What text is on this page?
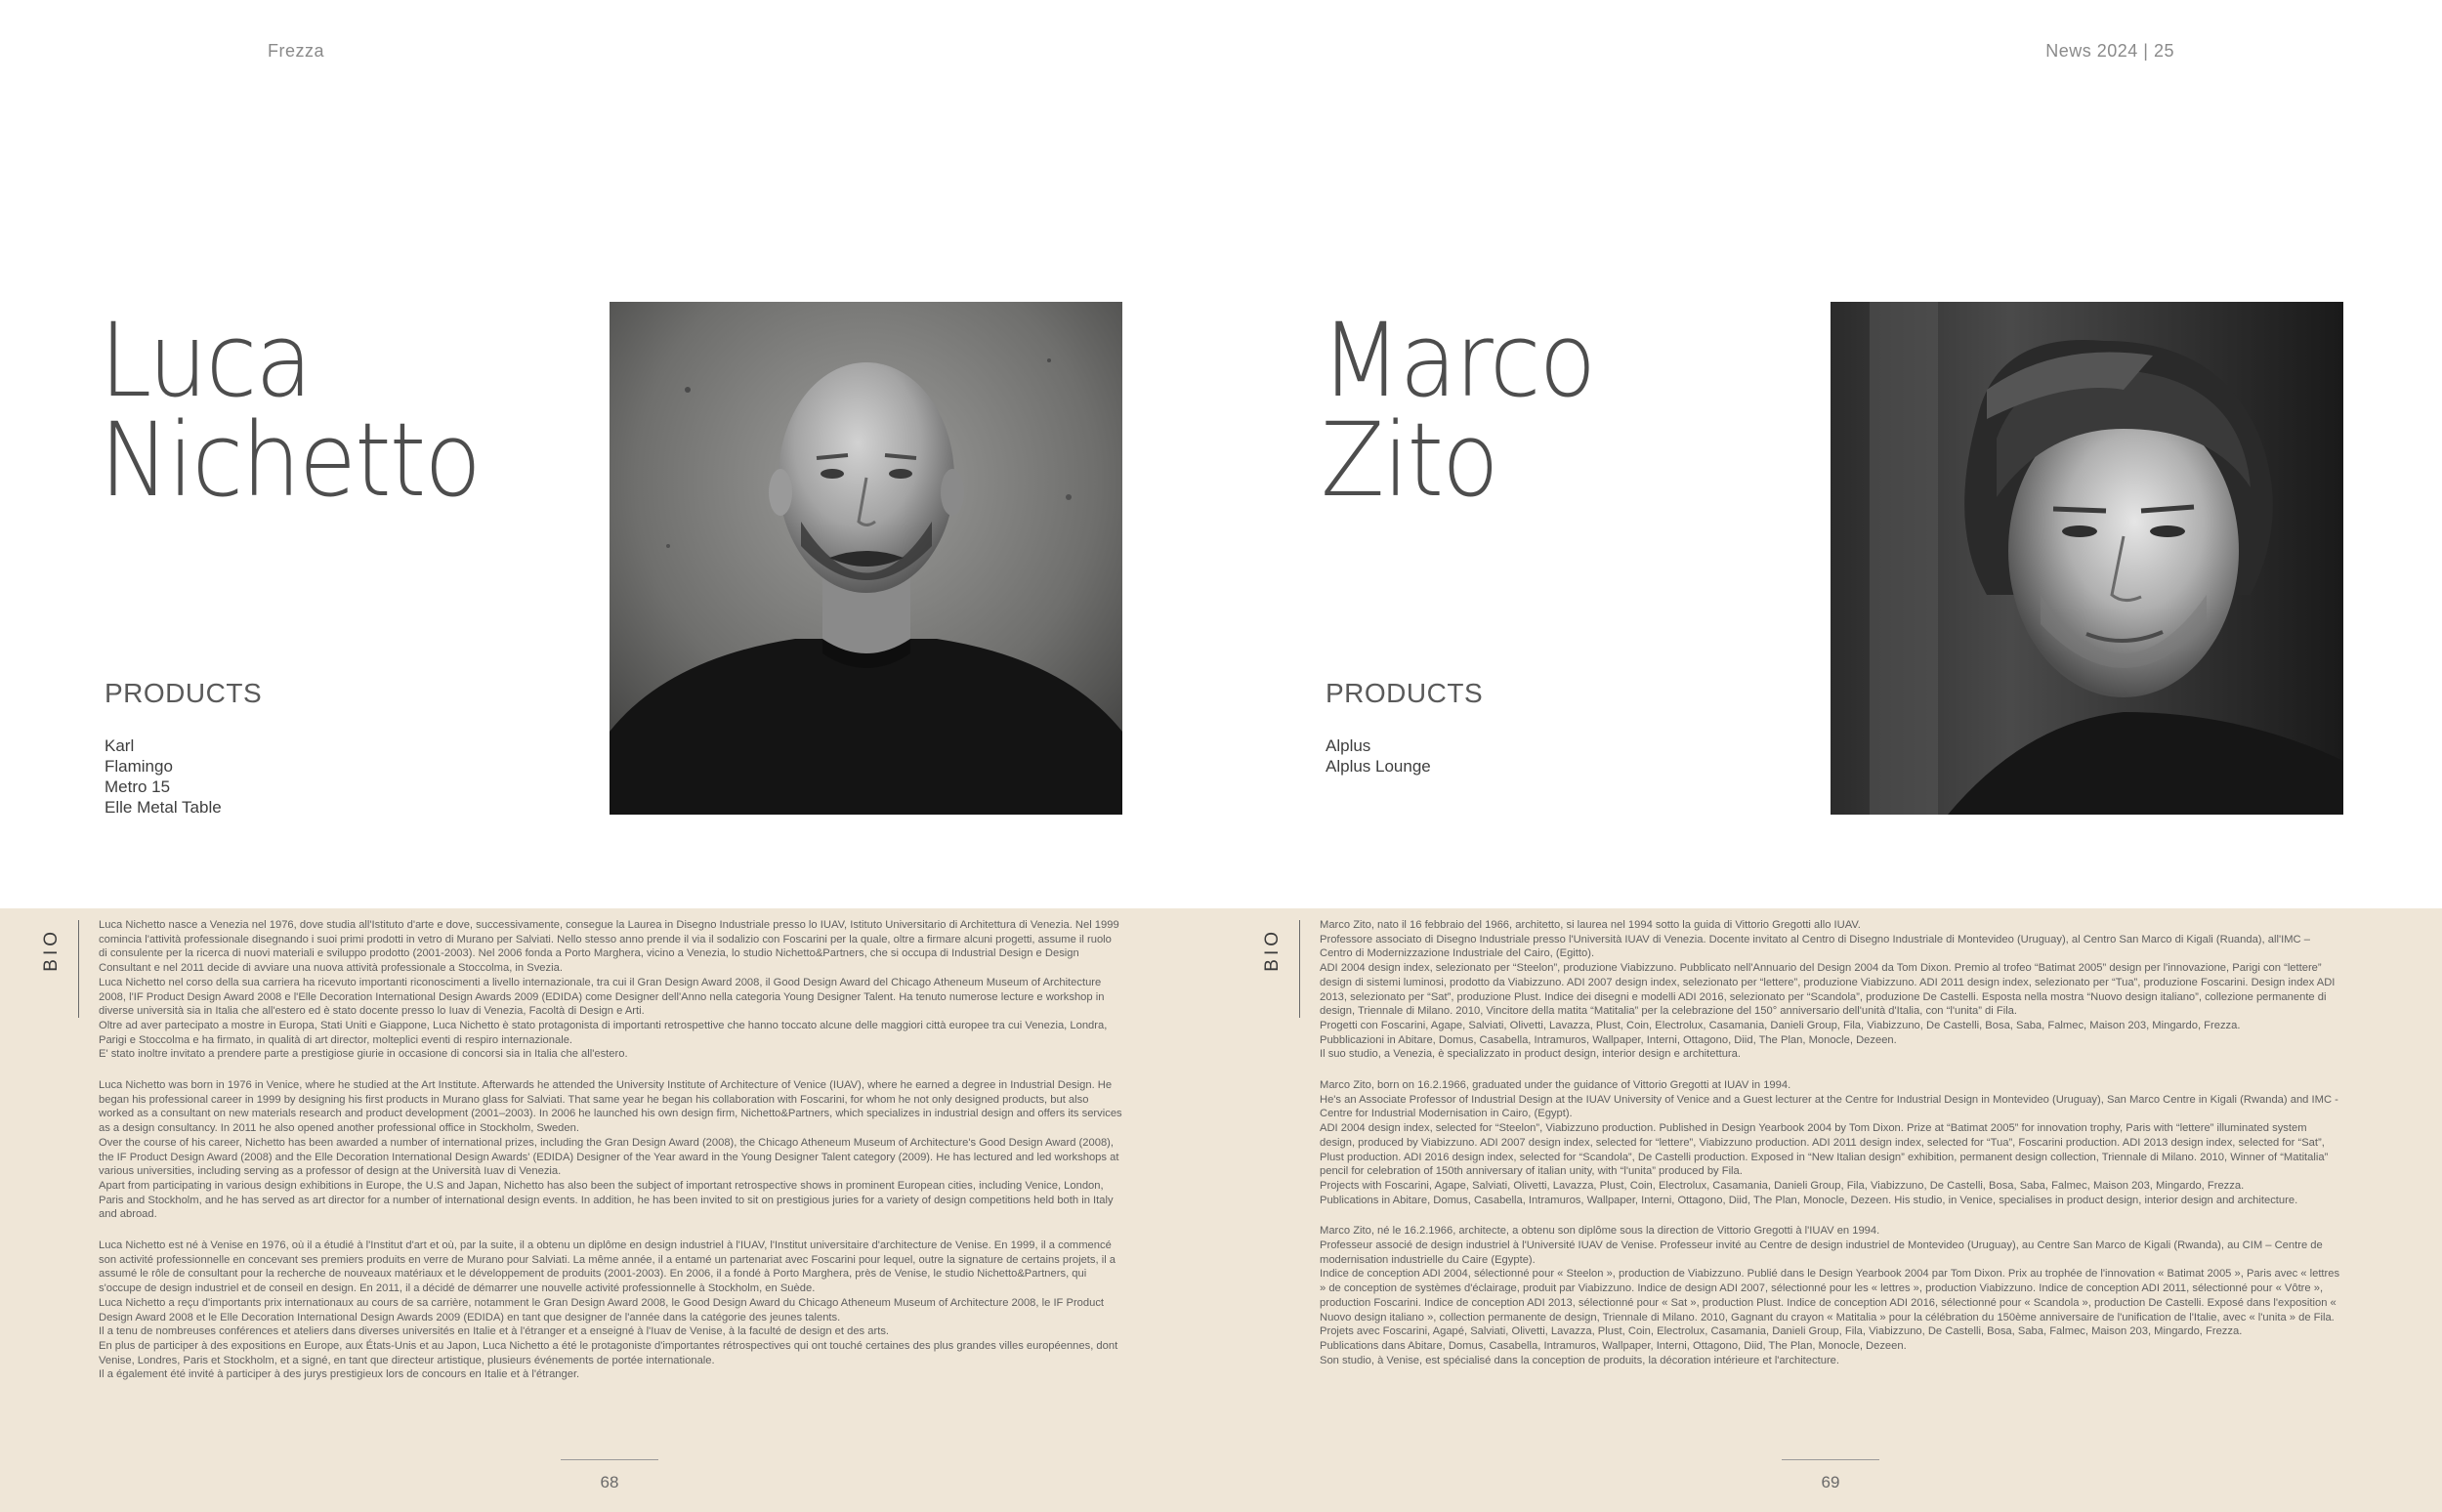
Frezza	News 2024 | 25
Luca
Nichetto
PRODUCTS
Karl
Flamingo
Metro 15
Elle Metal Table
Marco
Zito
PRODUCTS
Alplus
Alplus Lounge
BIO

Luca Nichetto nasce a Venezia nel 1976, dove studia all'Istituto d'arte e dove, successivamente, consegue la Laurea in Disegno Industriale presso lo IUAV, Istituto Universitario di Architettura di Venezia. Nel 1999 comincia l'attività professionale disegnando i suoi primi prodotti in vetro di Murano per Salviati. Nello stesso anno prende il via il sodalizio con Foscarini per la quale, oltre a firmare alcuni progetti, assume il ruolo di consulente per la ricerca di nuovi materiali e sviluppo prodotto (2001-2003). Nel 2006 fonda a Porto Marghera, vicino a Venezia, lo studio Nichetto&Partners, che si occupa di Industrial Design e Design Consultant e nel 2011 decide di avviare una nuova attività professionale a Stoccolma, in Svezia.
Luca Nichetto nel corso della sua carriera ha ricevuto importanti riconoscimenti a livello internazionale, tra cui il Gran Design Award 2008, il Good Design Award del Chicago Atheneum Museum of Architecture 2008, l'IF Product Design Award 2008 e l'Elle Decoration International Design Awards 2009 (EDIDA) come Designer dell'Anno nella categoria Young Designer Talent. Ha tenuto numerose lecture e workshop in diverse università sia in Italia che all'estero ed è stato docente presso lo Iuav di Venezia, Facoltà di Design e Arti.
Oltre ad aver partecipato a mostre in Europa, Stati Uniti e Giappone, Luca Nichetto è stato protagonista di importanti retrospettive che hanno toccato alcune delle maggiori città europee tra cui Venezia, Londra, Parigi e Stoccolma e ha firmato, in qualità di art director, molteplici eventi di respiro internazionale.
E' stato inoltre invitato a prendere parte a prestigiose giurie in occasione di concorsi sia in Italia che all'estero.

Luca Nichetto was born in 1976 in Venice, where he studied at the Art Institute. Afterwards he attended the University Institute of Architecture of Venice (IUAV), where he earned a degree in Industrial Design. He began his professional career in 1999 by designing his first products in Murano glass for Salviati. That same year he began his collaboration with Foscarini, for whom he not only designed products, but also worked as a consultant on new materials research and product development (2001–2003). In 2006 he launched his own design firm, Nichetto&Partners, which specializes in industrial design and offers its services as a design consultancy. In 2011 he also opened another professional office in Stockholm, Sweden.
Over the course of his career, Nichetto has been awarded a number of international prizes, including the Gran Design Award (2008), the Chicago Atheneum Museum of Architecture's Good Design Award (2008), the IF Product Design Award (2008) and the Elle Decoration International Design Awards' (EDIDA) Designer of the Year award in the Young Designer Talent category (2009). He has lectured and led workshops at various universities, including serving as a professor of design at the Università Iuav di Venezia.
Apart from participating in various design exhibitions in Europe, the U.S and Japan, Nichetto has also been the subject of important retrospective shows in prominent European cities, including Venice, London, Paris and Stockholm, and he has served as art director for a number of international design events. In addition, he has been invited to sit on prestigious juries for a variety of design competitions held both in Italy and abroad.

Luca Nichetto est né à Venise en 1976, où il a étudié à l'Institut d'art et où, par la suite, il a obtenu un diplôme en design industriel à l'IUAV, l'Institut universitaire d'architecture de Venise. En 1999, il a commencé son activité professionnelle en concevant ses premiers produits en verre de Murano pour Salviati. La même année, il a entamé un partenariat avec Foscarini pour lequel, outre la signature de certains projets, il a assumé le rôle de consultant pour la recherche de nouveaux matériaux et le développement de produits (2001-2003). En 2006, il a fondé à Porto Marghera, près de Venise, le studio Nichetto&Partners, qui s'occupe de design industriel et de conseil en design. En 2011, il a décidé de démarrer une nouvelle activité professionnelle à Stockholm, en Suède.
Luca Nichetto a reçu d'importants prix internationaux au cours de sa carrière, notamment le Gran Design Award 2008, le Good Design Award du Chicago Atheneum Museum of Architecture 2008, le IF Product Design Award 2008 et le Elle Decoration International Design Awards 2009 (EDIDA) en tant que designer de l'année dans la catégorie des jeunes talents.
Il a tenu de nombreuses conférences et ateliers dans diverses universités en Italie et à l'étranger et a enseigné à l'Iuav de Venise, à la faculté de design et des arts.
En plus de participer à des expositions en Europe, aux États-Unis et au Japon, Luca Nichetto a été le protagoniste d'importantes rétrospectives qui ont touché certaines des plus grandes villes européennes, dont Venise, Londres, Paris et Stockholm, et a signé, en tant que directeur artistique, plusieurs événements de portée internationale.
Il a également été invité à participer à des jurys prestigieux lors de concours en Italie et à l'étranger.

BIO

Marco Zito, nato il 16 febbraio del 1966, architetto, si laurea nel 1994 sotto la guida di Vittorio Gregotti allo IUAV.
Professore associato di Disegno Industriale presso l'Università IUAV di Venezia. Docente invitato al Centro di Disegno Industriale di Montevideo (Uruguay), al Centro San Marco di Kigali (Ruanda), all'IMC – Centro di Modernizzazione Industriale del Cairo, (Egitto).
ADI 2004 design index, selezionato per “Steelon”, produzione Viabizzuno. Pubblicato nell'Annuario del Design 2004 da Tom Dixon. Premio al trofeo “Batimat 2005” design per l'innovazione, Parigi con “lettere” design di sistemi luminosi, prodotto da Viabizzuno. ADI 2007 design index, selezionato per “lettere”, produzione Viabizzuno. ADI 2011 design index, selezionato per “Tua”, produzione Foscarini. Design index ADI 2013, selezionato per “Sat”, produzione Plust. Indice dei disegni e modelli ADI 2016, selezionato per “Scandola”, produzione De Castelli. Esposta nella mostra “Nuovo design italiano”, collezione permanente di design, Triennale di Milano. 2010, Vincitore della matita “Matitalia” per la celebrazione del 150° anniversario dell'unità d'Italia, con “l'unita” di Fila.
Progetti con Foscarini, Agape, Salviati, Olivetti, Lavazza, Plust, Coin, Electrolux, Casamania, Danieli Group, Fila, Viabizzuno, De Castelli, Bosa, Saba, Falmec, Maison 203, Mingardo, Frezza.
Pubblicazioni in Abitare, Domus, Casabella, Intramuros, Wallpaper, Interni, Ottagono, Diid, The Plan, Monocle, Dezeen.
Il suo studio, a Venezia, è specializzato in product design, interior design e architettura.

Marco Zito, born on 16.2.1966, graduated under the guidance of Vittorio Gregotti at IUAV in 1994.
He's an Associate Professor of Industrial Design at the IUAV University of Venice and a Guest lecturer at the Centre for Industrial Design in Montevideo (Uruguay), San Marco Centre in Kigali (Rwanda) and IMC - Centre for Industrial Modernisation in Cairo, (Egypt).
ADI 2004 design index, selected for “Steelon”, Viabizzuno production. Published in Design Yearbook 2004 by Tom Dixon. Prize at “Batimat 2005” for innovation trophy, Paris with “lettere” illuminated system design, produced by Viabizzuno. ADI 2007 design index, selected for “lettere”, Viabizzuno production. ADI 2011 design index, selected for “Tua”, Foscarini production. ADI 2013 design index, selected for “Sat”, Plust production. ADI 2016 design index, selected for “Scandola”, De Castelli production. Exposed in “New Italian design” exhibition, permanent design collection, Triennale di Milano. 2010, Winner of “Matitalia” pencil for celebration of 150th anniversary of italian unity, with “l'unita” produced by Fila.
Projects with Foscarini, Agape, Salviati, Olivetti, Lavazza, Plust, Coin, Electrolux, Casamania, Danieli Group, Fila, Viabizzuno, De Castelli, Bosa, Saba, Falmec, Maison 203, Mingardo, Frezza.
Publications in Abitare, Domus, Casabella, Intramuros, Wallpaper, Interni, Ottagono, Diid, The Plan, Monocle, Dezeen. His studio, in Venice, specialises in product design, interior design and architecture.

Marco Zito, né le 16.2.1966, architecte, a obtenu son diplôme sous la direction de Vittorio Gregotti à l'IUAV en 1994.
Professeur associé de design industriel à l'Université IUAV de Venise. Professeur invité au Centre de design industriel de Montevideo (Uruguay), au Centre San Marco de Kigali (Rwanda), au CIM – Centre de modernisation industrielle du Caire (Egypte).
Indice de conception ADI 2004, sélectionné pour « Steelon », production de Viabizzuno. Publié dans le Design Yearbook 2004 par Tom Dixon. Prix au trophée de l'innovation « Batimat 2005 », Paris avec « lettres » de conception de systèmes d'éclairage, produit par Viabizzuno. Indice de design ADI 2007, sélectionné pour les « lettres », production Viabizzuno. Indice de conception ADI 2011, sélectionné pour « Vôtre », production Foscarini. Indice de conception ADI 2013, sélectionné pour « Sat », production Plust. Indice de conception ADI 2016, sélectionné pour « Scandola », production De Castelli. Exposé dans l'exposition « Nuovo design italiano », collection permanente de design, Triennale di Milano. 2010, Gagnant du crayon « Matitalia » pour la célébration du 150ème anniversaire de l'unification de l'Italie, avec « l'unita » de Fila.
Projets avec Foscarini, Agapé, Salviati, Olivetti, Lavazza, Plust, Coin, Electrolux, Casamania, Danieli Group, Fila, Viabizzuno, De Castelli, Bosa, Saba, Falmec, Maison 203, Mingardo, Frezza.
Publications dans Abitare, Domus, Casabella, Intramuros, Wallpaper, Interni, Ottagono, Diid, The Plan, Monocle, Dezeen.
Son studio, à Venise, est spécialisé dans la conception de produits, la décoration intérieure et l'architecture.

68	69
